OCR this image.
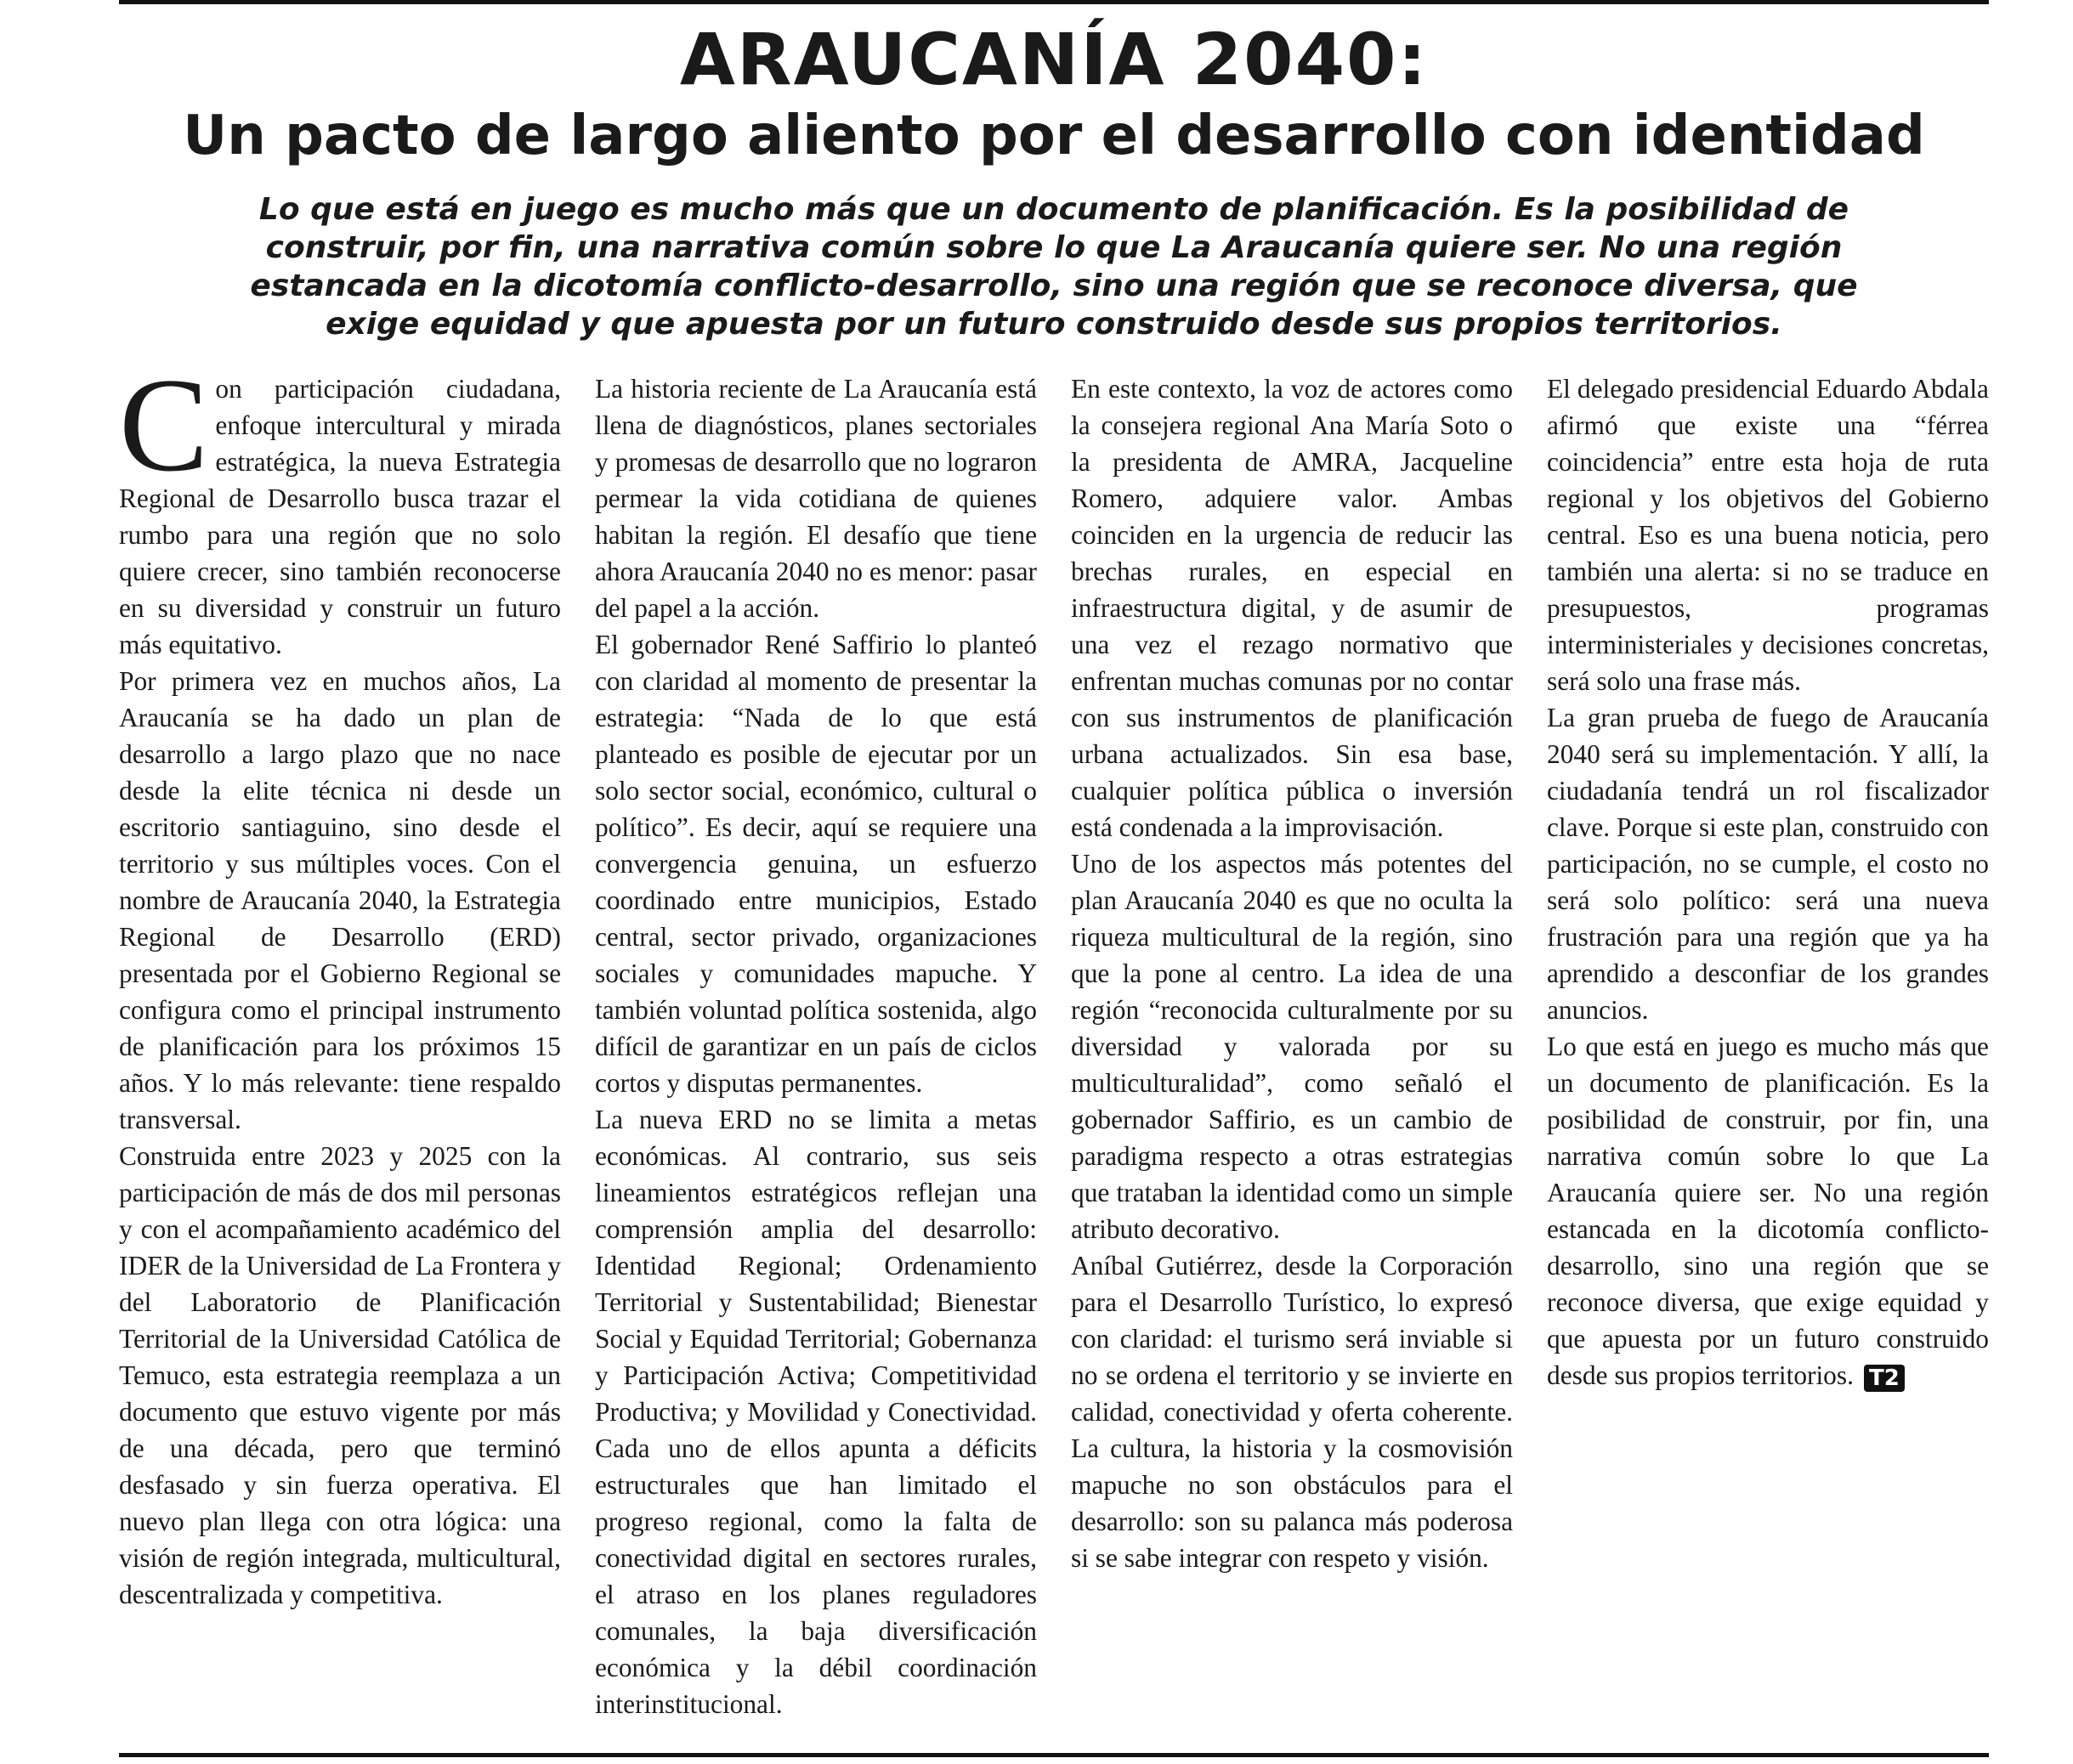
ARAUCANÍA 2040:
Un pacto de largo aliento por el desarrollo con identidad

Lo que está en juego es mucho más que un documento de planificación. Es la posibilidad de construir, por fin, una narrativa común sobre lo que La Araucanía quiere ser. No una región estancada en la dicotomía conflicto-desarrollo, sino una región que se reconoce diversa, que exige equidad y que apuesta por un futuro construido desde sus propios territorios.

Con participación ciudadana, enfoque intercultural y mirada estratégica, la nueva Estrategia Regional de Desarrollo busca trazar el rumbo para una región que no solo quiere crecer, sino también reconocerse en su diversidad y construir un futuro más equitativo.

Por primera vez en muchos años, La Araucanía se ha dado un plan de desarrollo a largo plazo que no nace desde la elite técnica ni desde un escritorio santiaguino, sino desde el territorio y sus múltiples voces. Con el nombre de Araucanía 2040, la Estrategia Regional de Desarrollo (ERD) presentada por el Gobierno Regional se configura como el principal instrumento de planificación para los próximos 15 años. Y lo más relevante: tiene respaldo transversal.

Construida entre 2023 y 2025 con la participación de más de dos mil personas y con el acompañamiento académico del IDER de la Universidad de La Frontera y del Laboratorio de Planificación Territorial de la Universidad Católica de Temuco, esta estrategia reemplaza a un documento que estuvo vigente por más de una década, pero que terminó desfasado y sin fuerza operativa. El nuevo plan llega con otra lógica: una visión de región integrada, multicultural, descentralizada y competitiva.

La historia reciente de La Araucanía está llena de diagnósticos, planes sectoriales y promesas de desarrollo que no lograron permear la vida cotidiana de quienes habitan la región. El desafío que tiene ahora Araucanía 2040 no es menor: pasar del papel a la acción.

El gobernador René Saffirio lo planteó con claridad al momento de presentar la estrategia: “Nada de lo que está planteado es posible de ejecutar por un solo sector social, económico, cultural o político”. Es decir, aquí se requiere una convergencia genuina, un esfuerzo coordinado entre municipios, Estado central, sector privado, organizaciones sociales y comunidades mapuche. Y también voluntad política sostenida, algo difícil de garantizar en un país de ciclos cortos y disputas permanentes.

La nueva ERD no se limita a metas económicas. Al contrario, sus seis lineamientos estratégicos reflejan una comprensión amplia del desarrollo: Identidad Regional; Ordenamiento Territorial y Sustentabilidad; Bienestar Social y Equidad Territorial; Gobernanza y Participación Activa; Competitividad Productiva; y Movilidad y Conectividad. Cada uno de ellos apunta a déficits estructurales que han limitado el progreso regional, como la falta de conectividad digital en sectores rurales, el atraso en los planes reguladores comunales, la baja diversificación económica y la débil coordinación interinstitucional.

En este contexto, la voz de actores como la consejera regional Ana María Soto o la presidenta de AMRA, Jacqueline Romero, adquiere valor. Ambas coinciden en la urgencia de reducir las brechas rurales, en especial en infraestructura digital, y de asumir de una vez el rezago normativo que enfrentan muchas comunas por no contar con sus instrumentos de planificación urbana actualizados. Sin esa base, cualquier política pública o inversión está condenada a la improvisación.

Uno de los aspectos más potentes del plan Araucanía 2040 es que no oculta la riqueza multicultural de la región, sino que la pone al centro. La idea de una región “reconocida culturalmente por su diversidad y valorada por su multiculturalidad”, como señaló el gobernador Saffirio, es un cambio de paradigma respecto a otras estrategias que trataban la identidad como un simple atributo decorativo.

Aníbal Gutiérrez, desde la Corporación para el Desarrollo Turístico, lo expresó con claridad: el turismo será inviable si no se ordena el territorio y se invierte en calidad, conectividad y oferta coherente. La cultura, la historia y la cosmovisión mapuche no son obstáculos para el desarrollo: son su palanca más poderosa si se sabe integrar con respeto y visión.

El delegado presidencial Eduardo Abdala afirmó que existe una “férrea coincidencia” entre esta hoja de ruta regional y los objetivos del Gobierno central. Eso es una buena noticia, pero también una alerta: si no se traduce en presupuestos, programas interministeriales y decisiones concretas, será solo una frase más.

La gran prueba de fuego de Araucanía 2040 será su implementación. Y allí, la ciudadanía tendrá un rol fiscalizador clave. Porque si este plan, construido con participación, no se cumple, el costo no será solo político: será una nueva frustración para una región que ya ha aprendido a desconfiar de los grandes anuncios.

Lo que está en juego es mucho más que un documento de planificación. Es la posibilidad de construir, por fin, una narrativa común sobre lo que La Araucanía quiere ser. No una región estancada en la dicotomía conflicto-desarrollo, sino una región que se reconoce diversa, que exige equidad y que apuesta por un futuro construido desde sus propios territorios. T2
